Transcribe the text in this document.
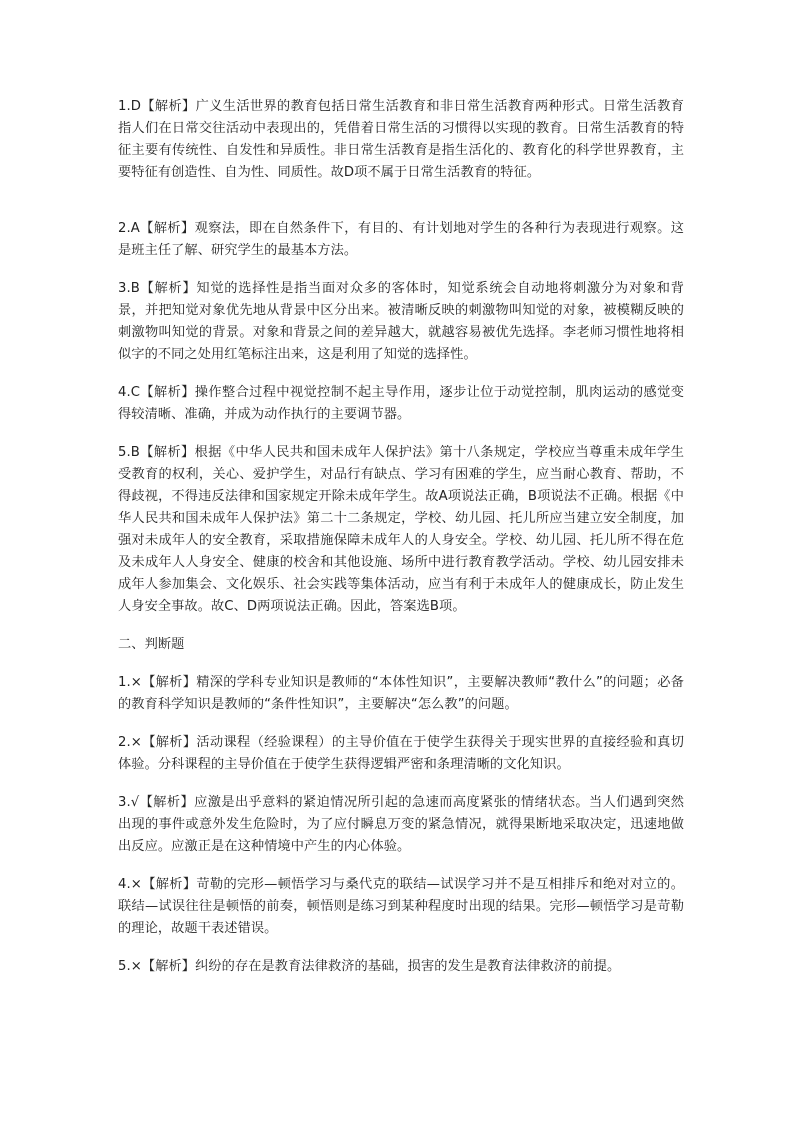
1.D【解析】广义生活世界的教育包括日常生活教育和非日常生活教育两种形式。日常生活教育指人们在日常交往活动中表现出的，凭借着日常生活的习惯得以实现的教育。日常生活教育的特征主要有传统性、自发性和异质性。非日常生活教育是指生活化的、教育化的科学世界教育，主要特征有创造性、自为性、同质性。故D项不属于日常生活教育的特征。

2.A【解析】观察法，即在自然条件下，有目的、有计划地对学生的各种行为表现进行观察。这是班主任了解、研究学生的最基本方法。

3.B【解析】知觉的选择性是指当面对众多的客体时，知觉系统会自动地将刺激分为对象和背景，并把知觉对象优先地从背景中区分出来。被清晰反映的刺激物叫知觉的对象，被模糊反映的刺激物叫知觉的背景。对象和背景之间的差异越大，就越容易被优先选择。李老师习惯性地将相似字的不同之处用红笔标注出来，这是利用了知觉的选择性。

4.C【解析】操作整合过程中视觉控制不起主导作用，逐步让位于动觉控制，肌肉运动的感觉变得较清晰、准确，并成为动作执行的主要调节器。

5.B【解析】根据《中华人民共和国未成年人保护法》第十八条规定，学校应当尊重未成年学生受教育的权利，关心、爱护学生，对品行有缺点、学习有困难的学生，应当耐心教育、帮助，不得歧视，不得违反法律和国家规定开除未成年学生。故A项说法正确，B项说法不正确。根据《中华人民共和国未成年人保护法》第二十二条规定，学校、幼儿园、托儿所应当建立安全制度，加强对未成年人的安全教育，采取措施保障未成年人的人身安全。学校、幼儿园、托儿所不得在危及未成年人人身安全、健康的校舍和其他设施、场所中进行教育教学活动。学校、幼儿园安排未成年人参加集会、文化娱乐、社会实践等集体活动，应当有利于未成年人的健康成长，防止发生人身安全事故。故C、D两项说法正确。因此，答案选B项。

二、判断题

1.×【解析】精深的学科专业知识是教师的“本体性知识”，主要解决教师“教什么”的问题；必备的教育科学知识是教师的“条件性知识”，主要解决“怎么教”的问题。

2.×【解析】活动课程（经验课程）的主导价值在于使学生获得关于现实世界的直接经验和真切体验。分科课程的主导价值在于使学生获得逻辑严密和条理清晰的文化知识。

3.√【解析】应激是出乎意料的紧迫情况所引起的急速而高度紧张的情绪状态。当人们遇到突然出现的事件或意外发生危险时，为了应付瞬息万变的紧急情况，就得果断地采取决定，迅速地做出反应。应激正是在这种情境中产生的内心体验。

4.×【解析】苛勒的完形—顿悟学习与桑代克的联结—试误学习并不是互相排斥和绝对对立的。联结—试误往往是顿悟的前奏，顿悟则是练习到某种程度时出现的结果。完形—顿悟学习是苛勒的理论，故题干表述错误。

5.×【解析】纠纷的存在是教育法律救济的基础，损害的发生是教育法律救济的前提。
